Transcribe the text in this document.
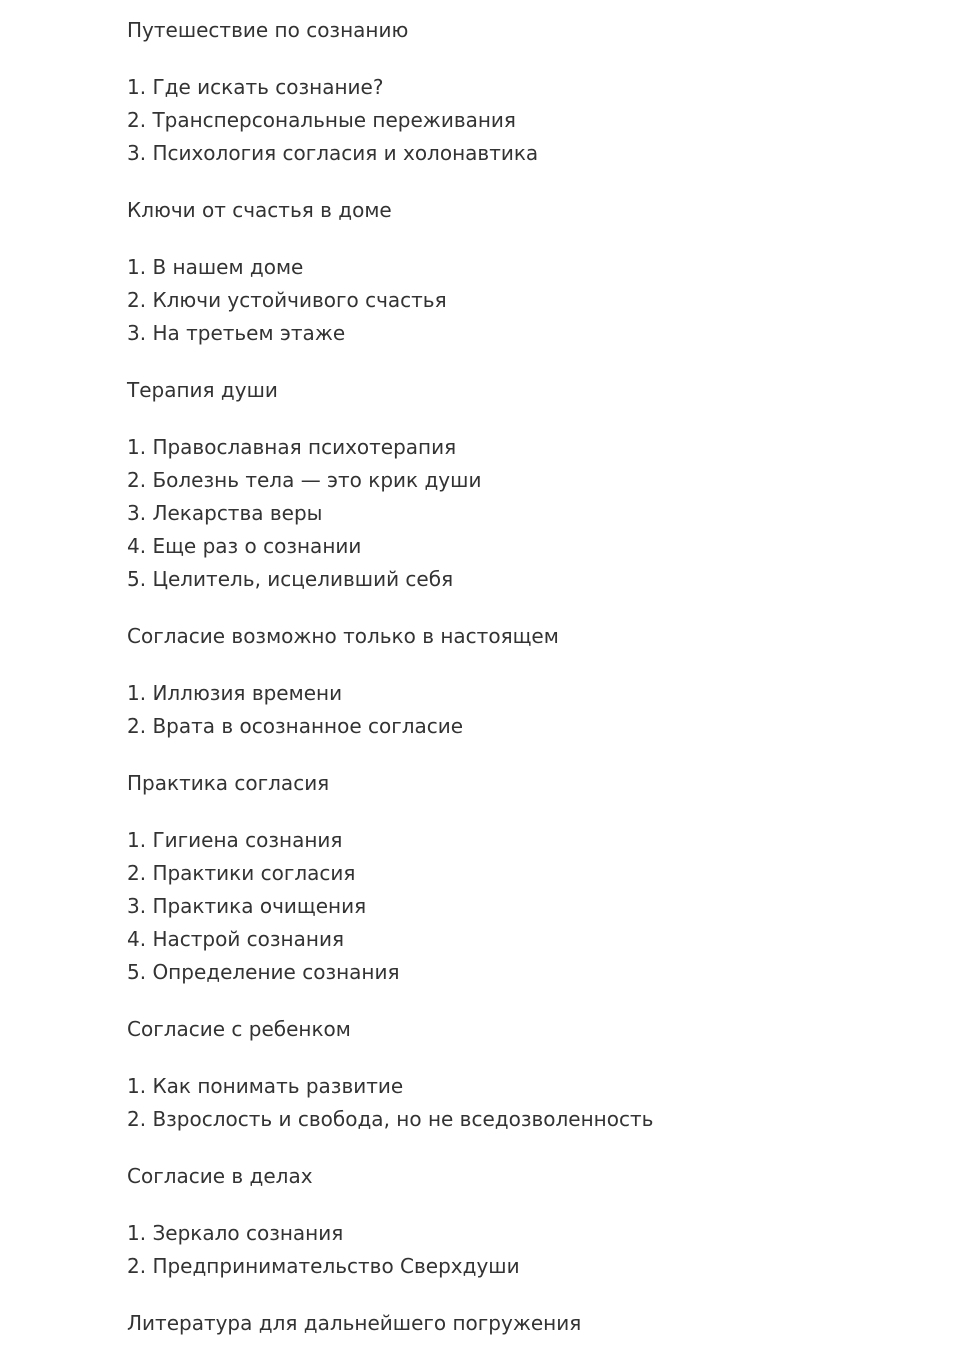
Путешествие по сознанию
1. Где искать сознание?
2. Трансперсональные переживания
3. Психология согласия и холонавтика
Ключи от счастья в доме
1. В нашем доме
2. Ключи устойчивого счастья
3. На третьем этаже
Терапия души
1. Православная психотерапия
2. Болезнь тела — это крик души
3. Лекарства веры
4. Еще раз о сознании
5. Целитель, исцеливший себя
Согласие возможно только в настоящем
1. Иллюзия времени
2. Врата в осознанное согласие
Практика согласия
1. Гигиена сознания
2. Практики согласия
3. Практика очищения
4. Настрой сознания
5. Определение сознания
Согласие с ребенком
1. Как понимать развитие
2. Взрослость и свобода, но не вседозволенность
Согласие в делах
1. Зеркало сознания
2. Предпринимательство Сверхдуши
Литература для дальнейшего погружения
